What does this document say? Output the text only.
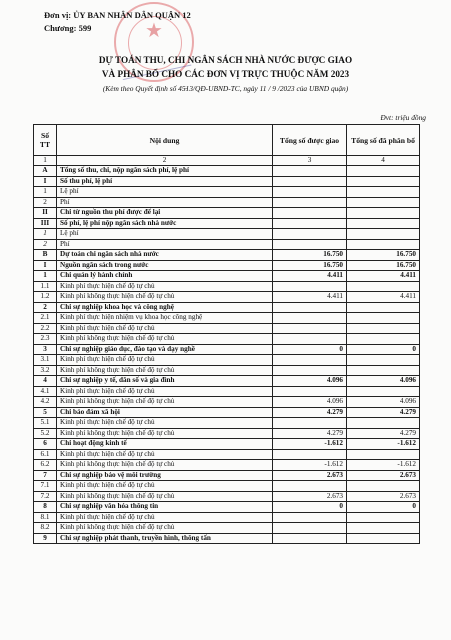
★
Đơn vị: ỦY BAN NHÂN DÂN QUẬN 12
Chương: 599
DỰ TOÁN THU, CHI NGÂN SÁCH NHÀ NƯỚC ĐƯỢC GIAO
VÀ PHÂN BỔ CHO CÁC ĐƠN VỊ TRỰC THUỘC NĂM 2023
(Kèm theo Quyết định số 45̶13/QĐ-UBND-TC, ngày 11 / 9 /2023 của UBND quận)
Đvt: triệu đồng
Số TT	Nội dung	Tổng số được giao	Tổng số đã phân bổ
1	2	3	4
A	Tổng số thu, chi, nộp ngân sách phí, lệ phí		
I	Số thu phí, lệ phí		
1	Lệ phí		
2	Phí		
II	Chi từ nguồn thu phí được để lại		
III	Số phí, lệ phí nộp ngân sách nhà nước		
1	Lệ phí		
2	Phí		
B	Dự toán chi ngân sách nhà nước	16.750	16.750
I	Nguồn ngân sách trong nước	16.750	16.750
1	Chi quản lý hành chính	4.411	4.411
1.1	Kinh phí thực hiện chế độ tự chủ		
1.2	Kinh phí không thực hiện chế độ tự chủ	4.411	4.411
2	Chi sự nghiệp khoa học và công nghệ		
2.1	Kinh phí thực hiện nhiệm vụ khoa học công nghệ		
2.2	Kinh phí thực hiện chế độ tự chủ		
2.3	Kinh phí không thực hiện chế độ tự chủ		
3	Chi sự nghiệp giáo dục, đào tạo và dạy nghề	0	0
3.1	Kinh phí thực hiện chế độ tự chủ		
3.2	Kinh phí không thực hiện chế độ tự chủ		
4	Chi sự nghiệp y tế, dân số và gia đình	4.096	4.096
4.1	Kinh phí thực hiện chế độ tự chủ		
4.2	Kinh phí không thực hiện chế độ tự chủ	4.096	4.096
5	Chi bảo đảm xã hội	4.279	4.279
5.1	Kinh phí thực hiện chế độ tự chủ		
5.2	Kinh phí không thực hiện chế độ tự chủ	4.279	4.279
6	Chi hoạt động kinh tế	-1.612	-1.612
6.1	Kinh phí thực hiện chế độ tự chủ		
6.2	Kinh phí không thực hiện chế độ tự chủ	-1.612	-1.612
7	Chi sự nghiệp bảo vệ môi trường	2.673	2.673
7.1	Kinh phí thực hiện chế độ tự chủ		
7.2	Kinh phí không thực hiện chế độ tự chủ	2.673	2.673
8	Chi sự nghiệp văn hóa thông tin	0	0
8.1	Kinh phí thực hiện chế độ tự chủ		
8.2	Kinh phí không thực hiện chế độ tự chủ		
9	Chi sự nghiệp phát thanh, truyền hình, thông tấn		
